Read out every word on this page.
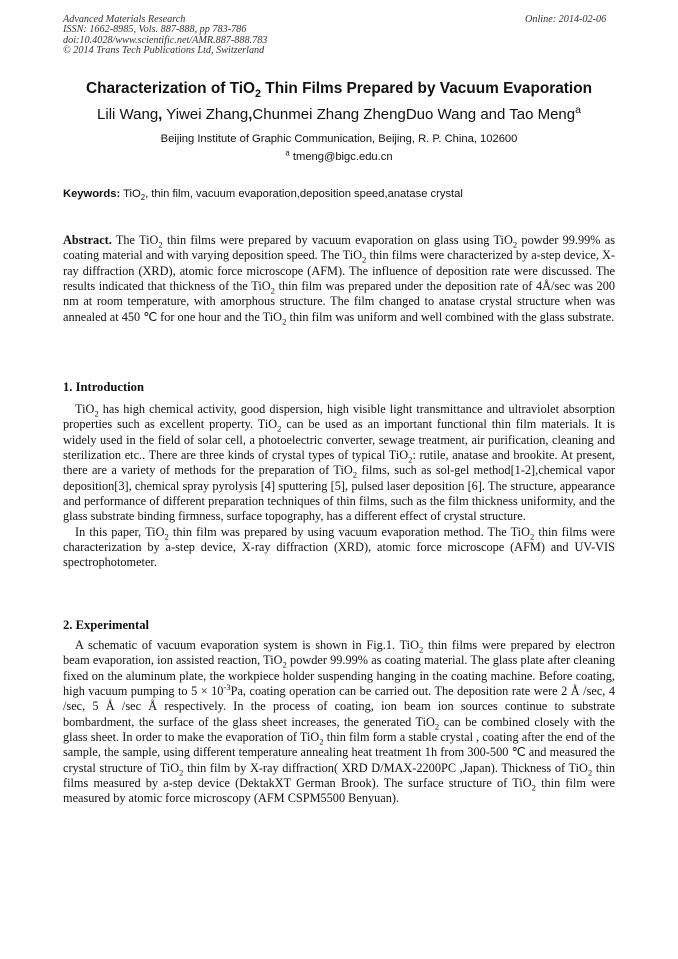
Advanced Materials Research
ISSN: 1662-8985, Vols. 887-888, pp 783-786
doi:10.4028/www.scientific.net/AMR.887-888.783
© 2014 Trans Tech Publications Ltd, Switzerland
Online: 2014-02-06
Characterization of TiO$_2$ Thin Films Prepared by Vacuum Evaporation
Lili Wang, Yiwei Zhang,Chunmei Zhang ZhengDuo Wang and Tao Meng$^a$
Beijing Institute of Graphic Communication, Beijing, R. P. China, 102600
$^a$ tmeng@bigc.edu.cn
Keywords: TiO$_2$, thin film, vacuum evaporation,deposition speed,anatase crystal

Abstract. The TiO$_2$ thin films were prepared by vacuum evaporation on glass using TiO$_2$ powder 99.99% as coating material and with varying deposition speed. The TiO$_2$ thin films were characterized by a-step device, X-ray diffraction (XRD), atomic force microscope (AFM). The influence of deposition rate were discussed. The results indicated that thickness of the TiO$_2$ thin film was prepared under the deposition rate of 4Å/sec was 200 nm at room temperature, with amorphous structure. The film changed to anatase crystal structure when was annealed at 450 ℃ for one hour and the TiO$_2$ thin film was uniform and well combined with the glass substrate.

1. Introduction

TiO$_2$ has high chemical activity, good dispersion, high visible light transmittance and ultraviolet absorption properties such as excellent property. TiO$_2$ can be used as an important functional thin film materials. It is widely used in the field of solar cell, a photoelectric converter, sewage treatment, air purification, cleaning and sterilization etc.. There are three kinds of crystal types of typical TiO$_2$: rutile, anatase and brookite. At present, there are a variety of methods for the preparation of TiO$_2$ films, such as sol-gel method[1-2],chemical vapor deposition[3], chemical spray pyrolysis [4] sputtering [5], pulsed laser deposition [6]. The structure, appearance and performance of different preparation techniques of thin films, such as the film thickness uniformity, and the glass substrate binding firmness, surface topography, has a different effect of crystal structure.

In this paper, TiO$_2$ thin film was prepared by using vacuum evaporation method. The TiO$_2$ thin films were characterization by a-step device, X-ray diffraction (XRD), atomic force microscope (AFM) and UV-VIS spectrophotometer.

2. Experimental

A schematic of vacuum evaporation system is shown in Fig.1. TiO$_2$ thin films were prepared by electron beam evaporation, ion assisted reaction, TiO$_2$ powder 99.99% as coating material. The glass plate after cleaning fixed on the aluminum plate, the workpiece holder suspending hanging in the coating machine. Before coating, high vacuum pumping to $5 \times 10^{-3}Pa$, coating operation can be carried out. The deposition rate were 2 Å /sec, 4 /sec, 5 Å /sec Å respectively. In the process of coating, ion beam ion sources continue to substrate bombardment, the surface of the glass sheet increases, the generated TiO$_2$ can be combined closely with the glass sheet. In order to make the evaporation of TiO$_2$ thin film form a stable crystal , coating after the end of the sample, the sample, using different temperature annealing heat treatment 1h from 300-500 ℃ and measured the crystal structure of TiO$_2$ thin film by X-ray diffraction( XRD D/MAX-2200PC ,Japan). Thickness of TiO$_2$ thin films measured by a-step device (DektakXT German Brook). The surface structure of TiO$_2$ thin film were measured by atomic force microscopy (AFM CSPM5500 Benyuan).
